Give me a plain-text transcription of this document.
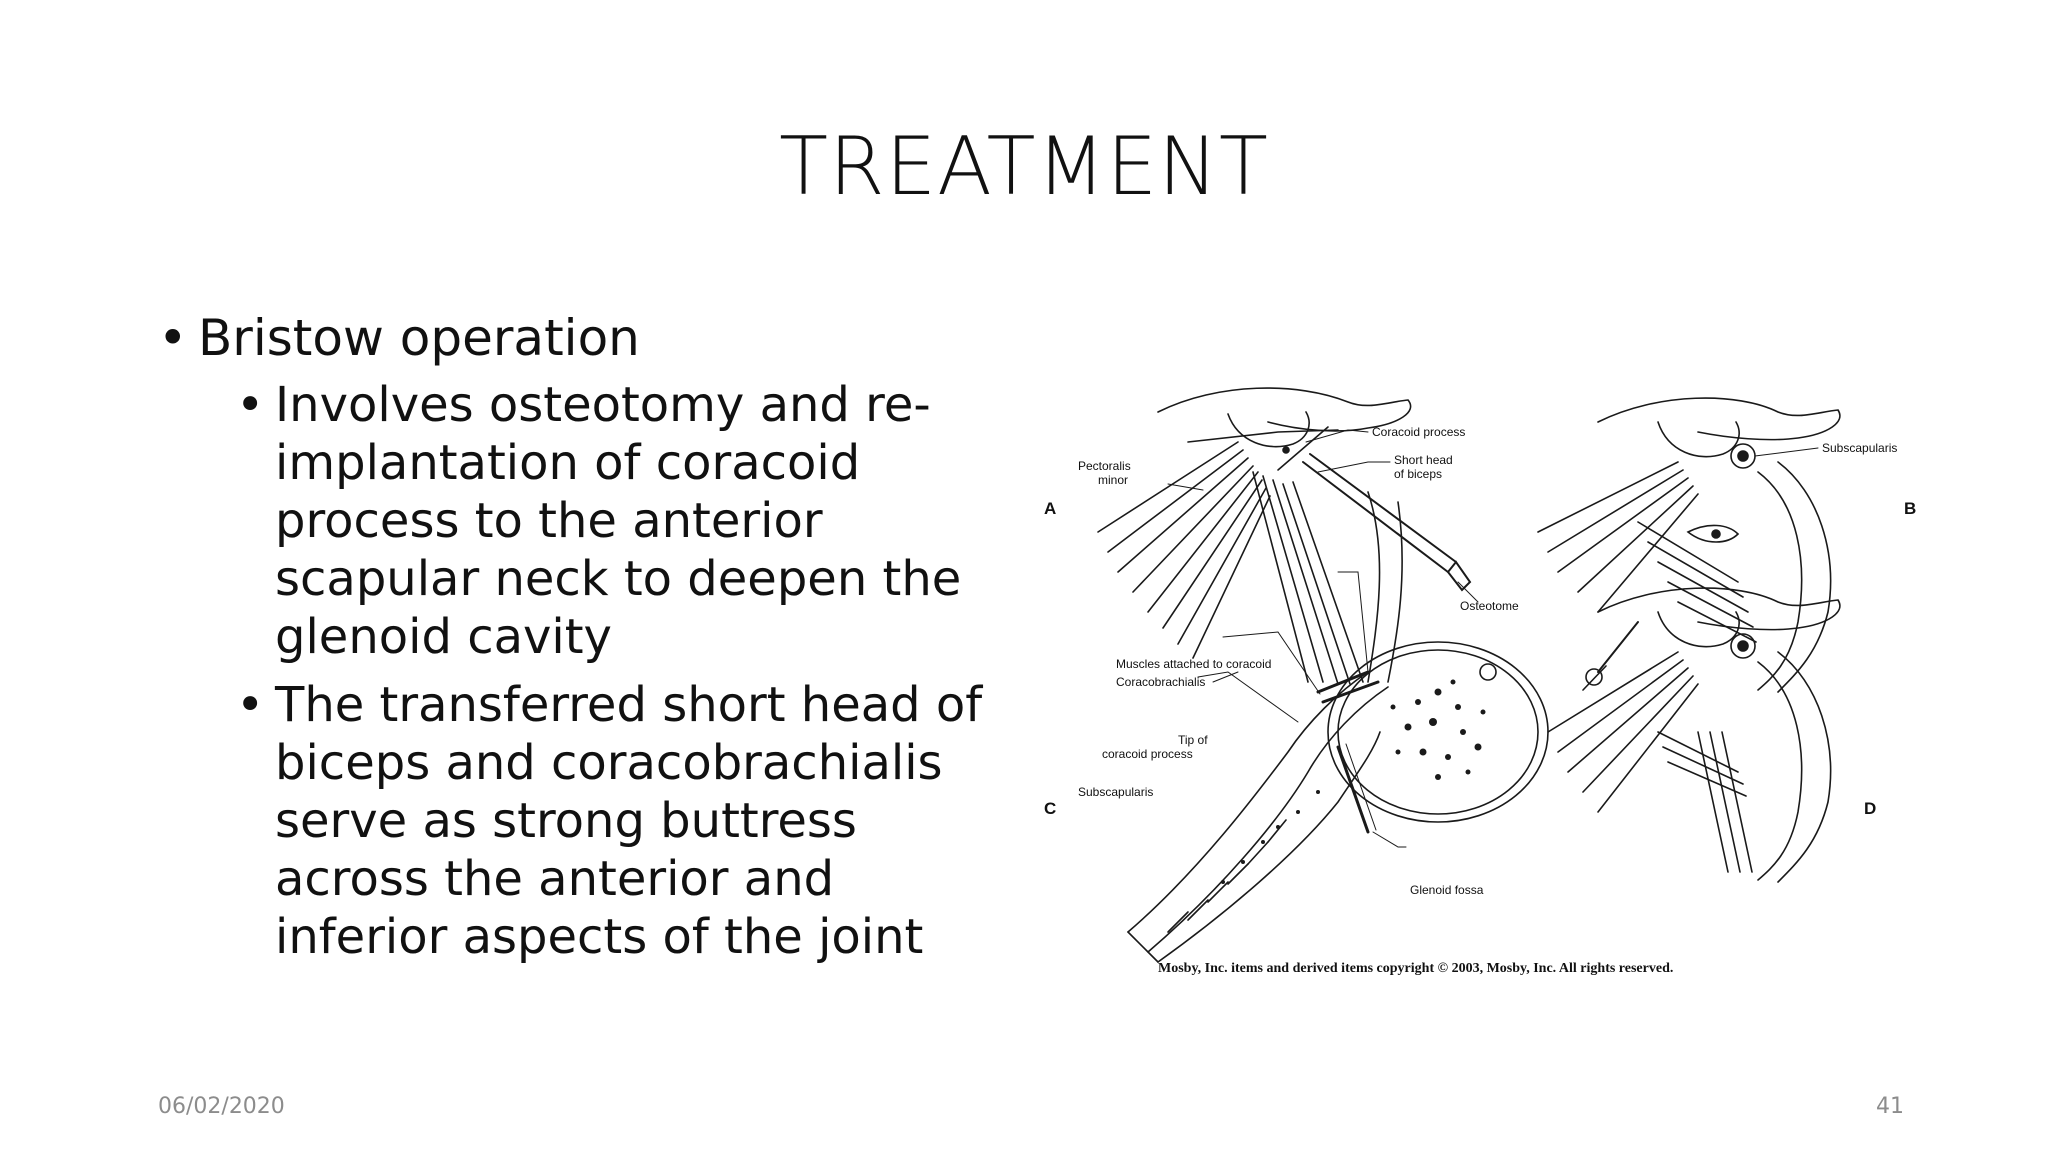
TREATMENT
• Bristow operation
• Involves osteotomy and re-implantation of coracoid process to the anterior scapular neck to deepen the glenoid cavity
• The transferred short head of biceps and coracobrachialis serve as strong buttress across the anterior and inferior aspects of the joint
A	B
C	D
Coracoid process
Short head
of biceps
Pectoralis
minor
Osteotome
Coracobrachialis
Subscapularis
Muscles attached to coracoid
Tip of
coracoid process
Subscapularis
Glenoid fossa
Mosby, Inc. items and derived items copyright © 2003, Mosby, Inc. All rights reserved.
06/02/2020	41
